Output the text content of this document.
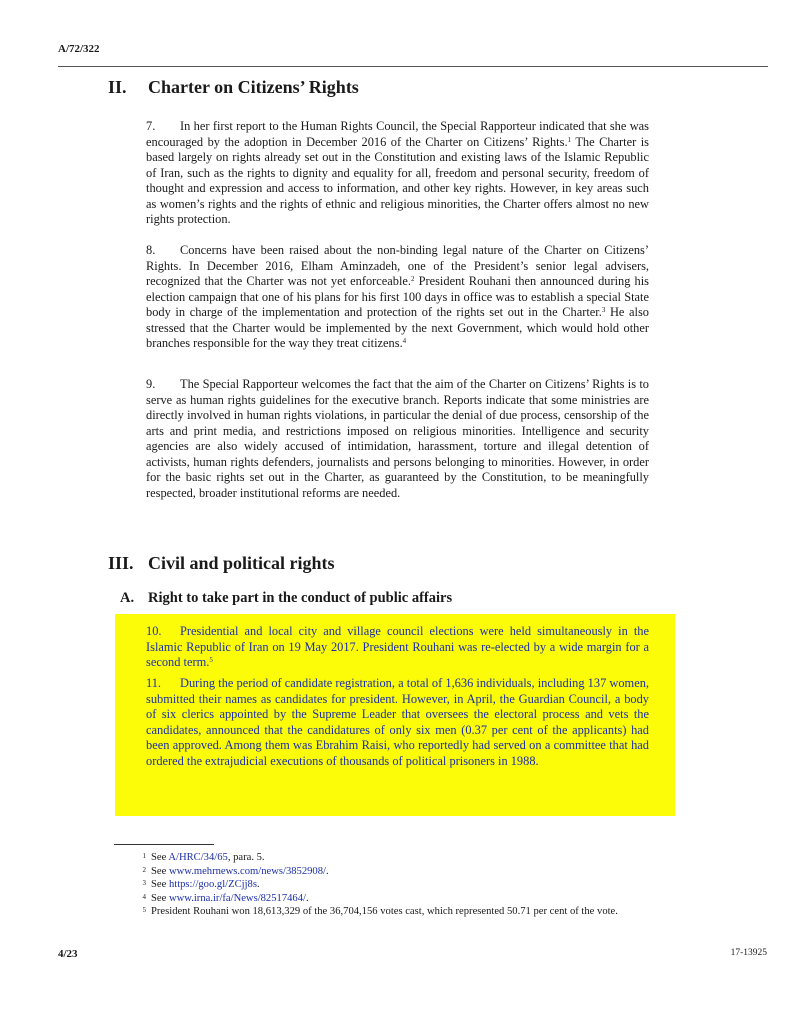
A/72/322
II. Charter on Citizens’ Rights

7. In her first report to the Human Rights Council, the Special Rapporteur indicated that she was encouraged by the adoption in December 2016 of the Charter on Citizens’ Rights.$^1$ The Charter is based largely on rights already set out in the Constitution and existing laws of the Islamic Republic of Iran, such as the rights to dignity and equality for all, freedom and personal security, freedom of thought and expression and access to information, and other key rights. However, in key areas such as women’s rights and the rights of ethnic and religious minorities, the Charter offers almost no new rights protection.

8. Concerns have been raised about the non-binding legal nature of the Charter on Citizens’ Rights. In December 2016, Elham Aminzadeh, one of the President’s senior legal advisers, recognized that the Charter was not yet enforceable.$^2$ President Rouhani then announced during his election campaign that one of his plans for his first 100 days in office was to establish a special State body in charge of the implementation and protection of the rights set out in the Charter.$^3$ He also stressed that the Charter would be implemented by the next Government, which would hold other branches responsible for the way they treat citizens.$^4$

9. The Special Rapporteur welcomes the fact that the aim of the Charter on Citizens’ Rights is to serve as human rights guidelines for the executive branch. Reports indicate that some ministries are directly involved in human rights violations, in particular the denial of due process, censorship of the arts and print media, and restrictions imposed on religious minorities. Intelligence and security agencies are also widely accused of intimidation, harassment, torture and illegal detention of activists, human rights defenders, journalists and persons belonging to minorities. However, in order for the basic rights set out in the Charter, as guaranteed by the Constitution, to be meaningfully respected, broader institutional reforms are needed.

III. Civil and political rights
A. Right to take part in the conduct of public affairs

10. Presidential and local city and village council elections were held simultaneously in the Islamic Republic of Iran on 19 May 2017. President Rouhani was re-elected by a wide margin for a second term.$^5$

11. During the period of candidate registration, a total of 1,636 individuals, including 137 women, submitted their names as candidates for president. However, in April, the Guardian Council, a body of six clerics appointed by the Supreme Leader that oversees the electoral process and vets the candidates, announced that the candidatures of only six men (0.37 per cent of the applicants) had been approved. Among them was Ebrahim Raisi, who reportedly had served on a committee that had ordered the extrajudicial executions of thousands of political prisoners in 1988.

1 See A/HRC/34/65, para. 5.
2 See www.mehrnews.com/news/3852908/.
3 See https://goo.gl/ZCjj8s.
4 See www.irna.ir/fa/News/82517464/.
5 President Rouhani won 18,613,329 of the 36,704,156 votes cast, which represented 50.71 per cent of the vote.
4/23	17-13925
